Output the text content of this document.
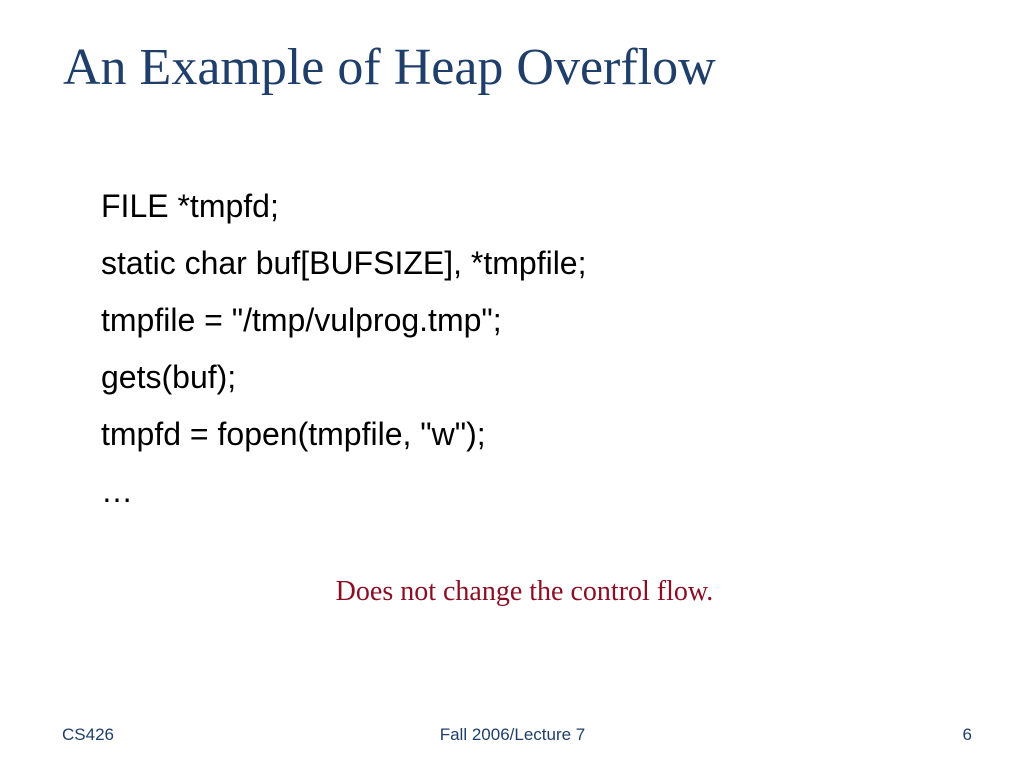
An Example of Heap Overflow
FILE *tmpfd;
static char buf[BUFSIZE], *tmpfile;
tmpfile = "/tmp/vulprog.tmp";
gets(buf);
tmpfd = fopen(tmpfile, "w");
…
Does not change the control flow.
CS426	Fall 2006/Lecture 7	6
